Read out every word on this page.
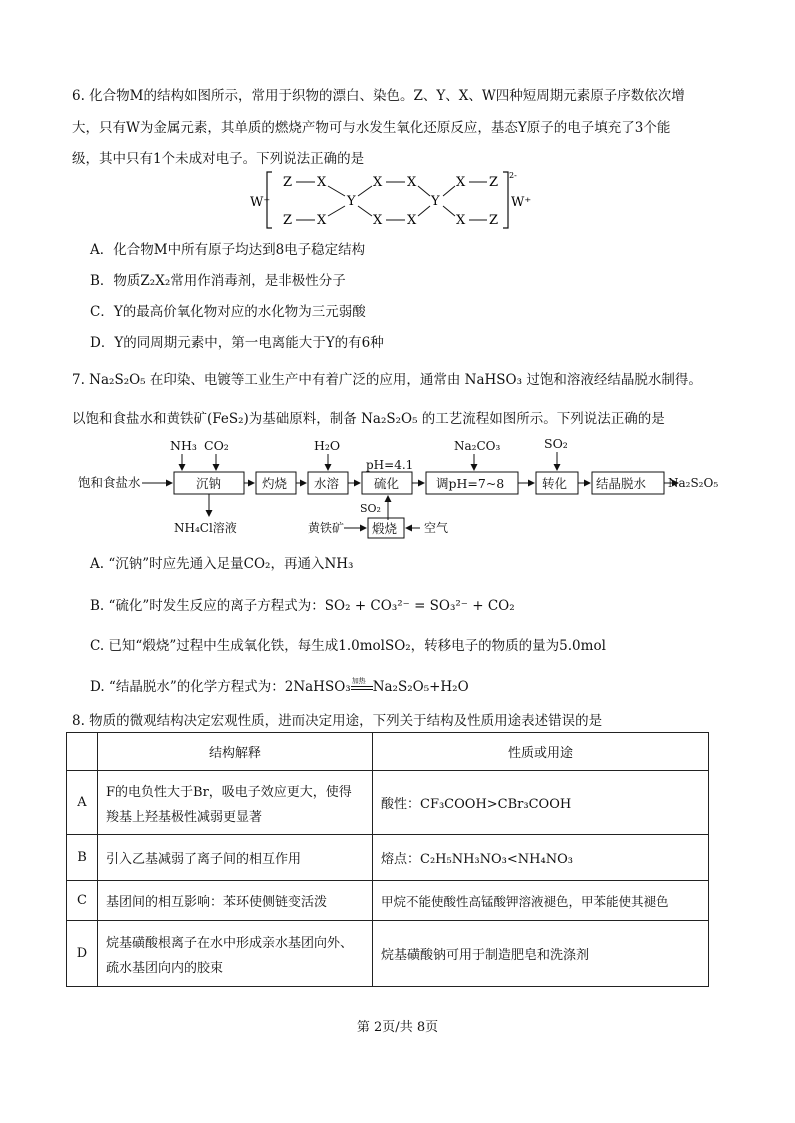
6. 化合物M的结构如图所示，常用于织物的漂白、染色。Z、Y、X、W四种短周期元素原子序数依次增
大，只有W为金属元素，其单质的燃烧产物可与水发生氧化还原反应，基态Y原子的电子填充了3个能
级，其中只有1个未成对电子。下列说法正确的是
W⁺
2-
W⁺
Z X	X X	X Z
Y	Y
Z X	X X	X Z
A．化合物M中所有原子均达到8电子稳定结构
B．物质Z₂X₂常用作消毒剂，是非极性分子
C．Y的最高价氧化物对应的水化物为三元弱酸
D．Y的同周期元素中，第一电离能大于Y的有6种
7. Na₂S₂O₅ 在印染、电镀等工业生产中有着广泛的应用，通常由 NaHSO₃ 过饱和溶液经结晶脱水制得。
以饱和食盐水和黄铁矿(FeS₂)为基础原料，制备 Na₂S₂O₅ 的工艺流程如图所示。下列说法正确的是
饱和食盐水	沉钠	灼烧 水溶	硫化	调pH=7~8	转化 结晶脱水 Na₂S₂O₅
NH₃ CO₂	H₂O	Na₂CO₃	SO₂
pH=4.1
NH₄Cl溶液
SO₂
黄铁矿 煅烧 空气
A. “沉钠”时应先通入足量CO₂，再通入NH₃
B. “硫化”时发生反应的离子方程式为：SO₂ + CO₃²⁻ = SO₃²⁻ + CO₂
C. 已知“煅烧”过程中生成氧化铁，每生成1.0molSO₂，转移电子的物质的量为5.0mol
D. “结晶脱水”的化学方程式为：2NaHSO₃ 加热 Na₂S₂O₅+H₂O
8. 物质的微观结构决定宏观性质，进而决定用途，下列关于结构及性质用途表述错误的是
	结构解释	性质或用途
A	F的电负性大于Br，吸电子效应更大，使得
羧基上羟基极性减弱更显著	酸性：CF₃COOH>CBr₃COOH
B	引入乙基减弱了离子间的相互作用	熔点：C₂H₅NH₃NO₃<NH₄NO₃
C	基团间的相互影响：苯环使侧链变活泼	甲烷不能使酸性高锰酸钾溶液褪色，甲苯能使其褪色
D	烷基磺酸根离子在水中形成亲水基团向外、
疏水基团向内的胶束	烷基磺酸钠可用于制造肥皂和洗涤剂
第 2页/共 8页
